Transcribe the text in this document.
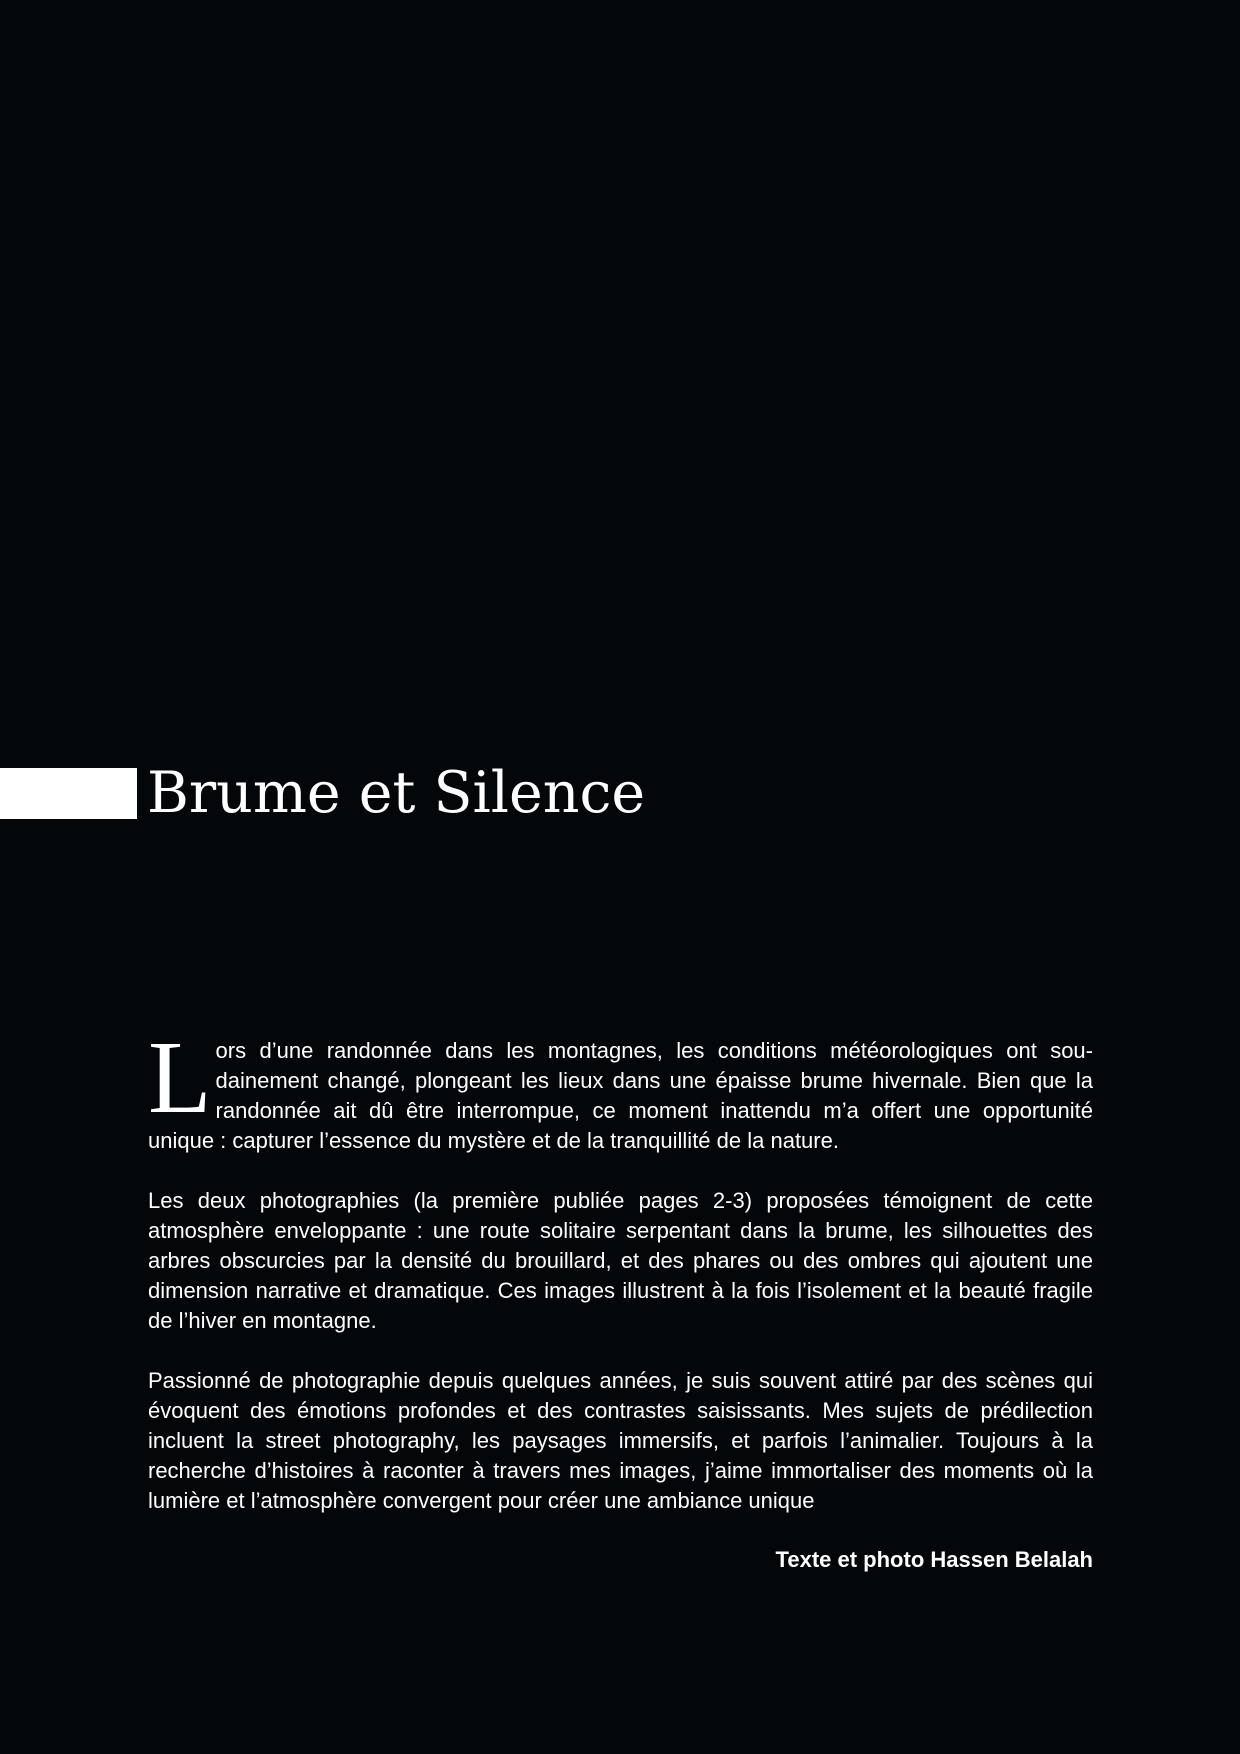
Brume et Silence

Lors d’une randonnée dans les montagnes, les conditions météorologiques ont soudainement changé, plongeant les lieux dans une épaisse brume hivernale. Bien que la randonnée ait dû être interrompue, ce moment inattendu m’a offert une opportunité unique : capturer l’essence du mystère et de la tranquillité de la nature.

Les deux photographies (la première publiée pages 2-3) proposées témoignent de cette atmosphère enveloppante : une route solitaire serpentant dans la brume, les silhouettes des arbres obscurcies par la densité du brouillard, et des phares ou des ombres qui ajoutent une dimension narrative et dramatique. Ces images illustrent à la fois l’isolement et la beauté fragile de l’hiver en montagne.

Passionné de photographie depuis quelques années, je suis souvent attiré par des scènes qui évoquent des émotions profondes et des contrastes saisissants. Mes sujets de prédilection incluent la street photography, les paysages immersifs, et parfois l’animalier. Toujours à la recherche d’histoires à raconter à travers mes images, j’aime immortaliser des moments où la lumière et l’atmosphère convergent pour créer une ambiance unique

Texte et photo Hassen Belalah
